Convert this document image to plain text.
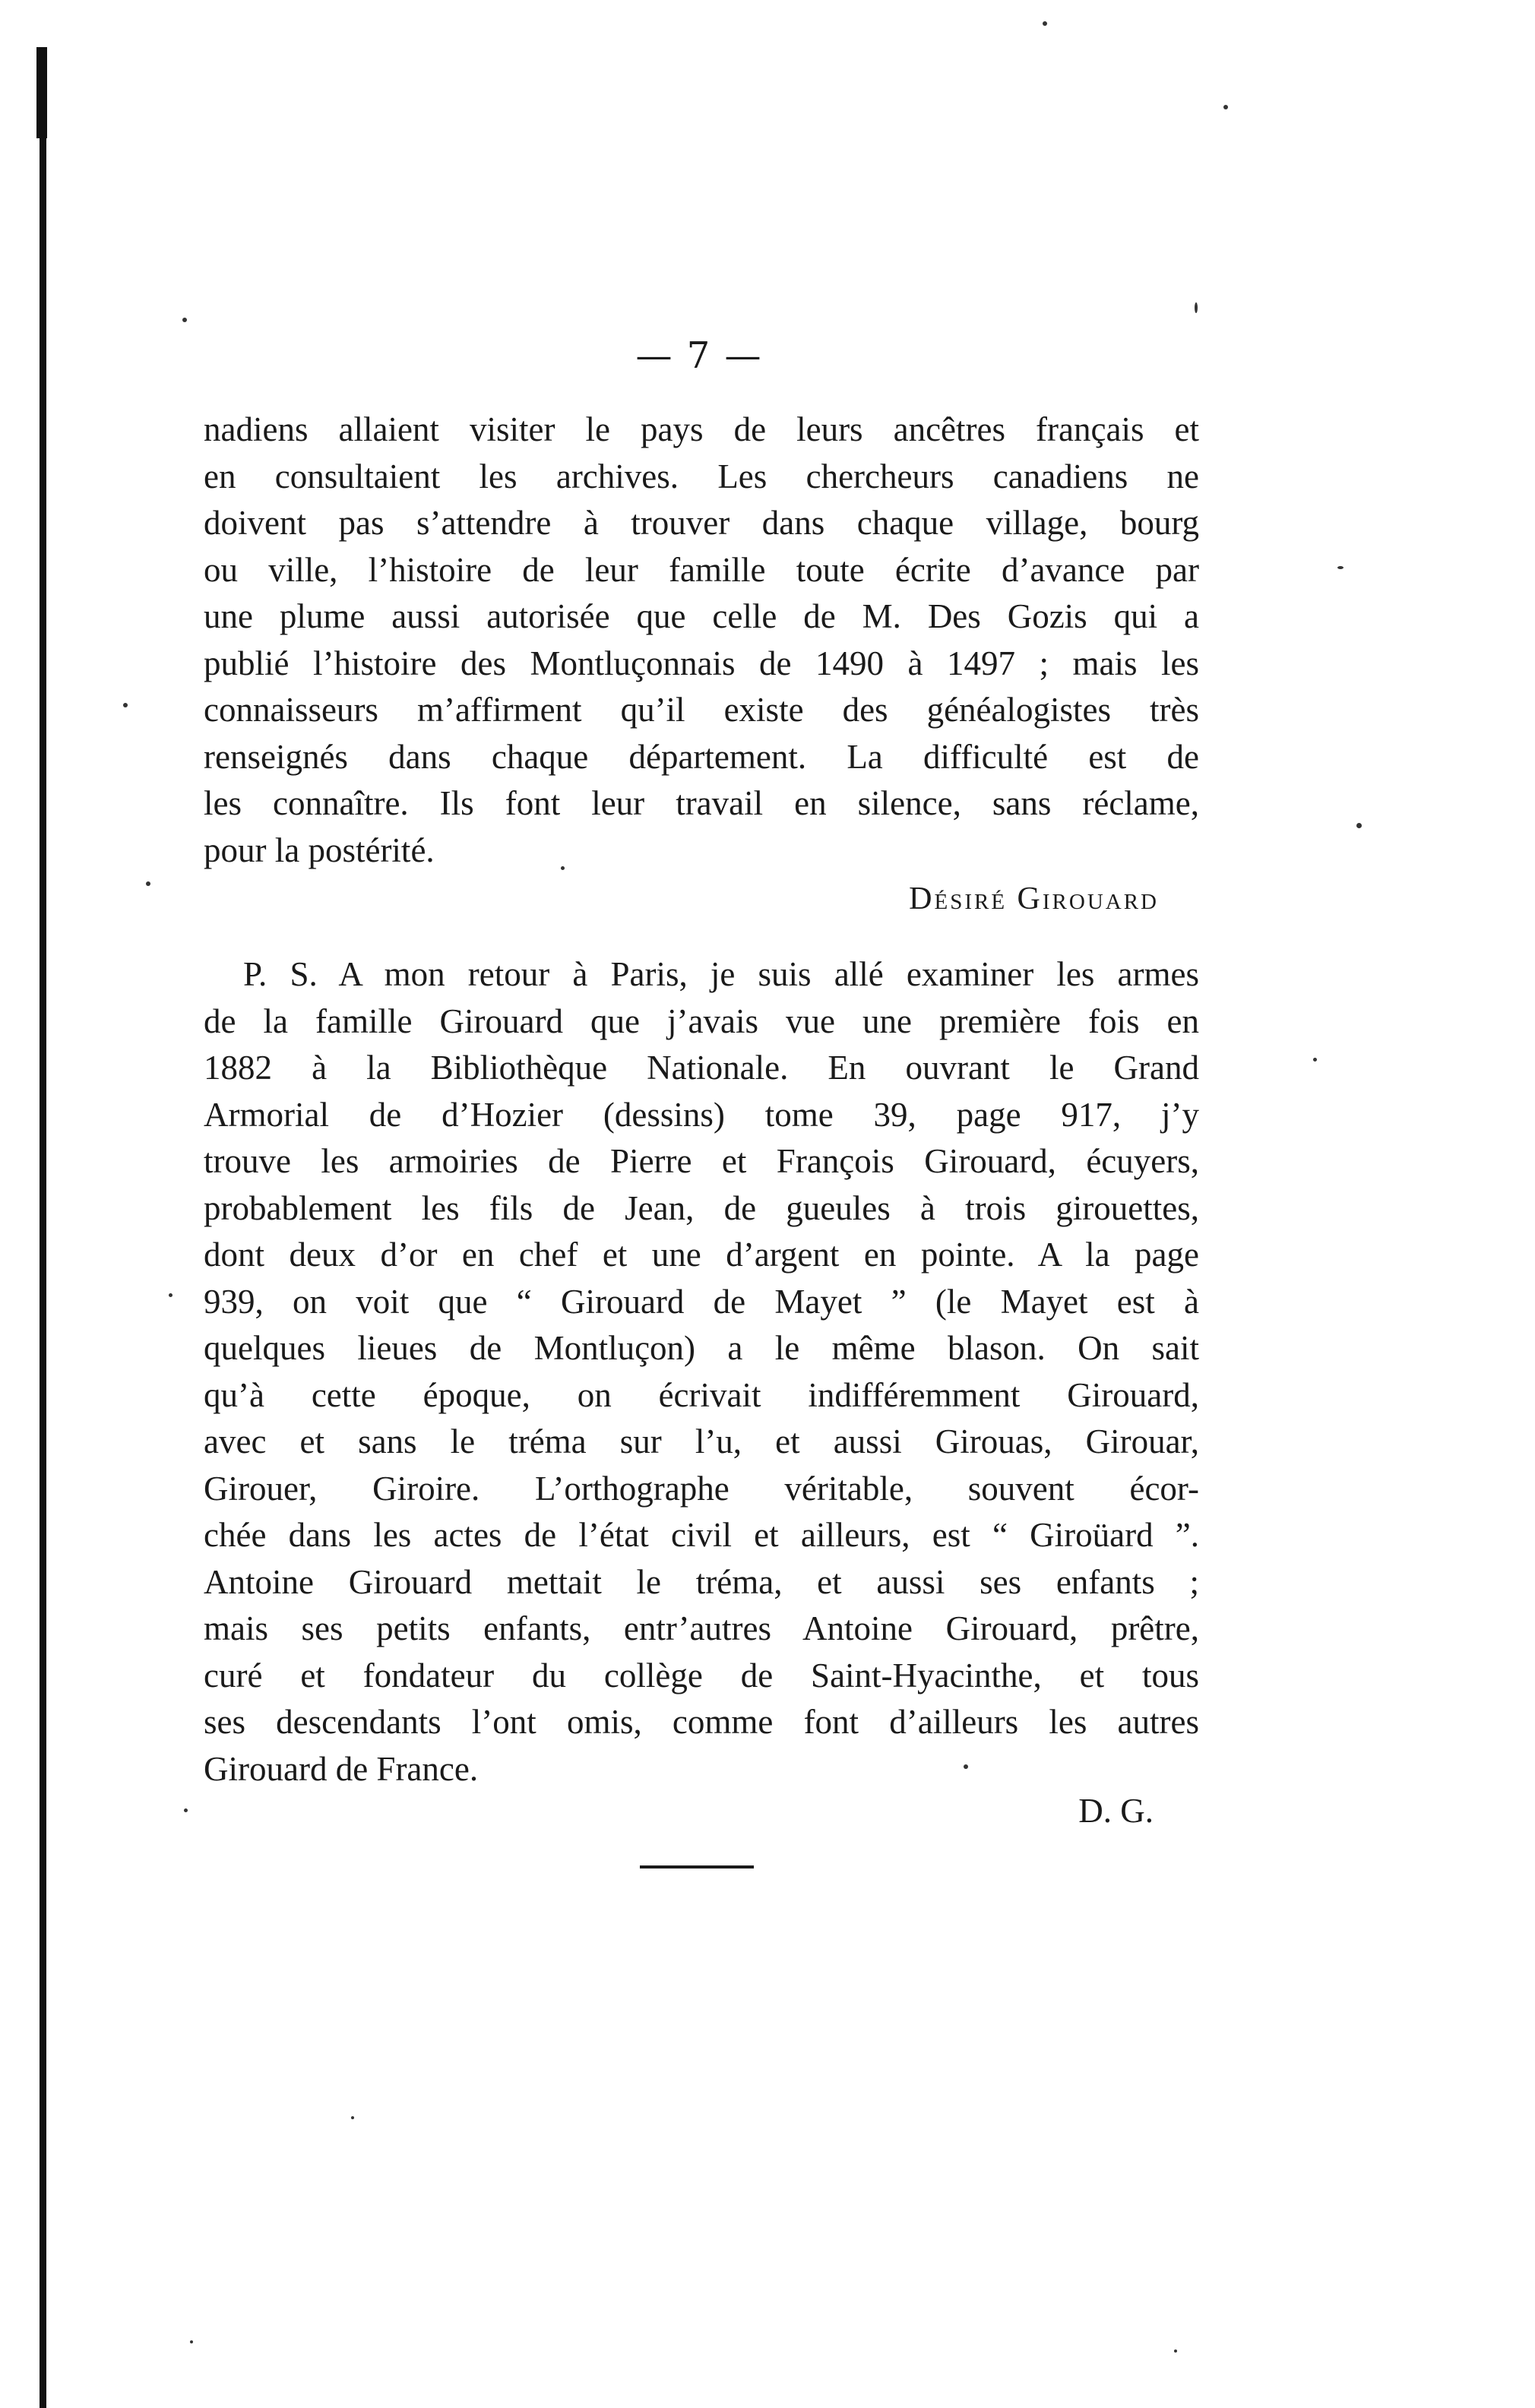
— 7 —
nadiens allaient visiter le pays de leurs ancêtres français et
en consultaient les archives. Les chercheurs canadiens ne
doivent pas s’attendre à trouver dans chaque village, bourg
ou ville, l’histoire de leur famille toute écrite d’avance par
une plume aussi autorisée que celle de M. Des Gozis qui a
publié l’histoire des Montluçonnais de 1490 à 1497 ; mais les
connaisseurs m’affirment qu’il existe des généalogistes très
renseignés dans chaque département. La difficulté est de
les connaître. Ils font leur travail en silence, sans réclame,
pour la postérité.
Désiré Girouard
P. S. A mon retour à Paris, je suis allé examiner les armes
de la famille Girouard que j’avais vue une première fois en
1882 à la Bibliothèque Nationale. En ouvrant le Grand
Armorial de d’Hozier (dessins) tome 39, page 917, j’y
trouve les armoiries de Pierre et François Girouard, écuyers,
probablement les fils de Jean, de gueules à trois girouettes,
dont deux d’or en chef et une d’argent en pointe. A la page
939, on voit que “ Girouard de Mayet ” (le Mayet est à
quelques lieues de Montluçon) a le même blason. On sait
qu’à cette époque, on écrivait indifféremment Girouard,
avec et sans le tréma sur l’u, et aussi Girouas, Girouar,
Girouer, Giroire. L’orthographe véritable, souvent écor-
chée dans les actes de l’état civil et ailleurs, est “ Giroüard ”.
Antoine Girouard mettait le tréma, et aussi ses enfants ;
mais ses petits enfants, entr’autres Antoine Girouard, prêtre,
curé et fondateur du collège de Saint-Hyacinthe, et tous
ses descendants l’ont omis, comme font d’ailleurs les autres
Girouard de France.
D. G.
